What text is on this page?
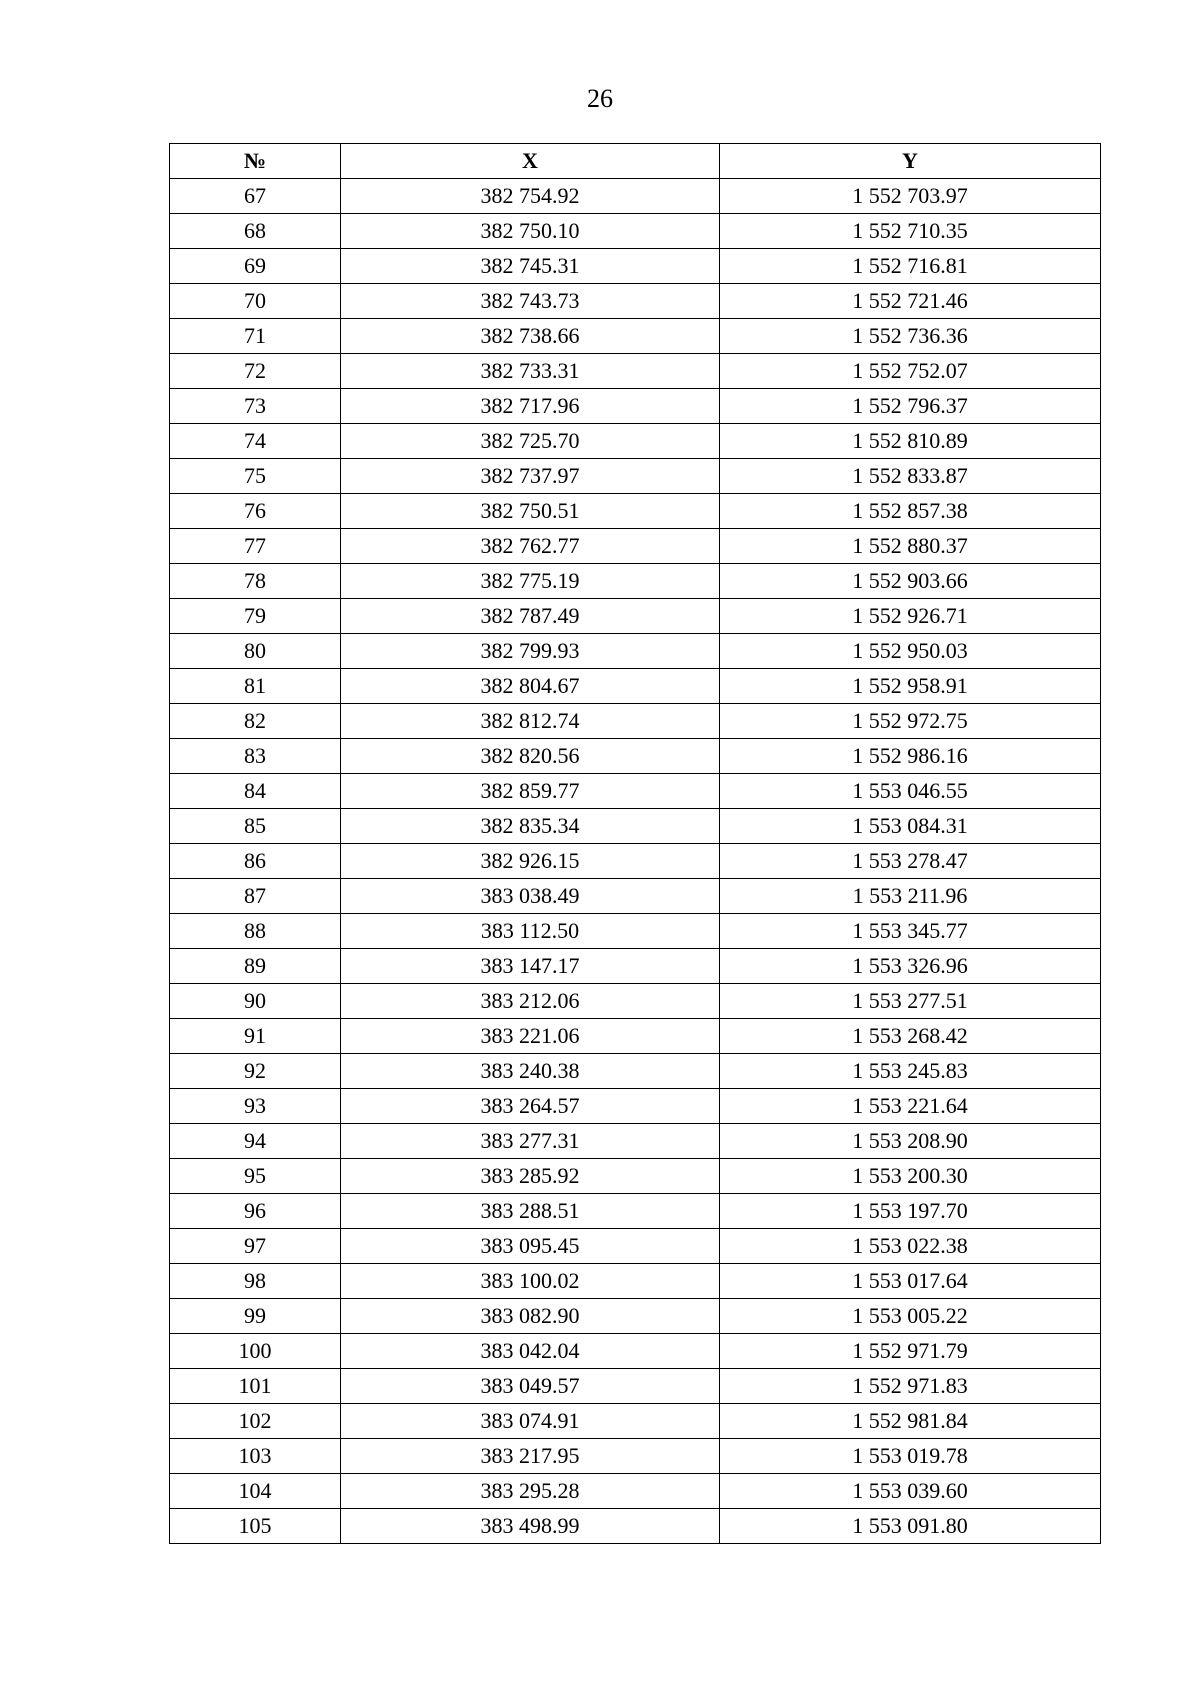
26
№	X	Y
67	382 754.92	1 552 703.97
68	382 750.10	1 552 710.35
69	382 745.31	1 552 716.81
70	382 743.73	1 552 721.46
71	382 738.66	1 552 736.36
72	382 733.31	1 552 752.07
73	382 717.96	1 552 796.37
74	382 725.70	1 552 810.89
75	382 737.97	1 552 833.87
76	382 750.51	1 552 857.38
77	382 762.77	1 552 880.37
78	382 775.19	1 552 903.66
79	382 787.49	1 552 926.71
80	382 799.93	1 552 950.03
81	382 804.67	1 552 958.91
82	382 812.74	1 552 972.75
83	382 820.56	1 552 986.16
84	382 859.77	1 553 046.55
85	382 835.34	1 553 084.31
86	382 926.15	1 553 278.47
87	383 038.49	1 553 211.96
88	383 112.50	1 553 345.77
89	383 147.17	1 553 326.96
90	383 212.06	1 553 277.51
91	383 221.06	1 553 268.42
92	383 240.38	1 553 245.83
93	383 264.57	1 553 221.64
94	383 277.31	1 553 208.90
95	383 285.92	1 553 200.30
96	383 288.51	1 553 197.70
97	383 095.45	1 553 022.38
98	383 100.02	1 553 017.64
99	383 082.90	1 553 005.22
100	383 042.04	1 552 971.79
101	383 049.57	1 552 971.83
102	383 074.91	1 552 981.84
103	383 217.95	1 553 019.78
104	383 295.28	1 553 039.60
105	383 498.99	1 553 091.80
